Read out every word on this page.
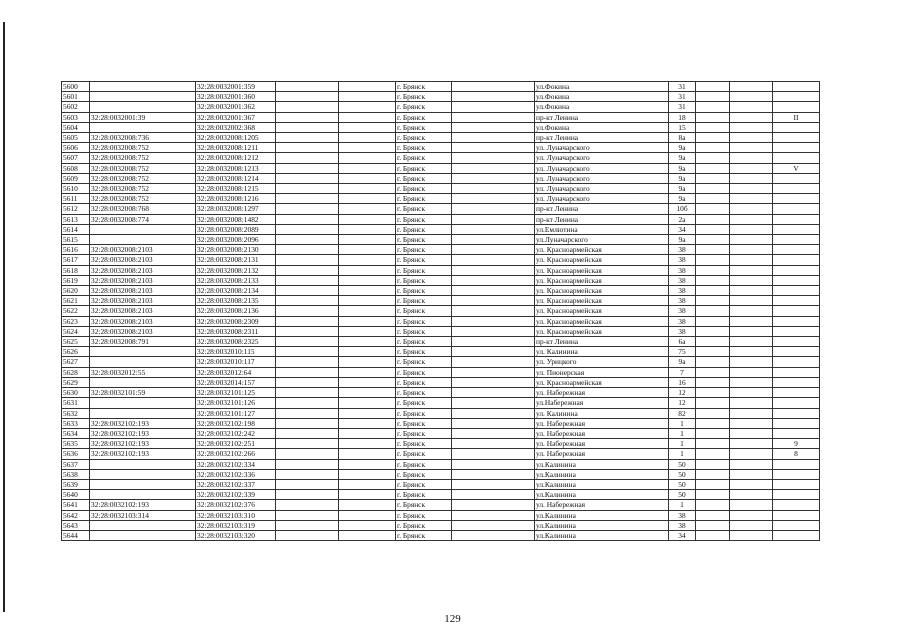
5600		32:28:0032001:359			г. Брянск		ул.Фокина	31			
5601		32:28:0032001:360			г. Брянск		ул.Фокина	31			
5602		32:28:0032001:362			г. Брянск		ул.Фокина	31			
5603	32:28:0032001:39	32:28:0032001:367			г. Брянск		пр-кт Ленина	18			II
5604		32:28:0032002:368			г. Брянск		ул.Фокина	15			
5605	32:28:0032008:736	32:28:0032008:1205			г. Брянск		пр-кт Ленина	8а			
5606	32:28:0032008:752	32:28:0032008:1211			г. Брянск		ул. Луначарского	9а			
5607	32:28:0032008:752	32:28:0032008:1212			г. Брянск		ул. Луначарского	9а			
5608	32:28:0032008:752	32:28:0032008:1213			г. Брянск		ул. Луначарского	9а			V
5609	32:28:0032008:752	32:28:0032008:1214			г. Брянск		ул. Луначарского	9а			
5610	32:28:0032008:752	32:28:0032008:1215			г. Брянск		ул. Луначарского	9а			
5611	32:28:0032008:752	32:28:0032008:1216			г. Брянск		ул. Луначарского	9а			
5612	32:28:0032008:768	32:28:0032008:1297			г. Брянск		пр-кт Ленина	10б			
5613	32:28:0032008:774	32:28:0032008:1482			г. Брянск		пр-кт Ленина	2а			
5614		32:28:0032008:2089			г. Брянск		ул.Емлютина	34			
5615		32:28:0032008:2096			г. Брянск		ул.Луначарского	9а			
5616	32:28:0032008:2103	32:28:0032008:2130			г. Брянск		ул. Красноармейская	38			
5617	32:28:0032008:2103	32:28:0032008:2131			г. Брянск		ул. Красноармейская	38			
5618	32:28:0032008:2103	32:28:0032008:2132			г. Брянск		ул. Красноармейская	38			
5619	32:28:0032008:2103	32:28:0032008:2133			г. Брянск		ул. Красноармейская	38			
5620	32:28:0032008:2103	32:28:0032008:2134			г. Брянск		ул. Красноармейская	38			
5621	32:28:0032008:2103	32:28:0032008:2135			г. Брянск		ул. Красноармейская	38			
5622	32:28:0032008:2103	32:28:0032008:2136			г. Брянск		ул. Красноармейская	38			
5623	32:28:0032008:2103	32:28:0032008:2309			г. Брянск		ул. Красноармейская	38			
5624	32:28:0032008:2103	32:28:0032008:2311			г. Брянск		ул. Красноармейская	38			
5625	32:28:0032008:791	32:28:0032008:2325			г. Брянск		пр-кт Ленина	6а			
5626		32:28:0032010:115			г. Брянск		ул. Калинина	75			
5627		32:28:0032010:117			г. Брянск		ул. Урицкого	9а			
5628	32:28:0032012:55	32:28:0032012:64			г. Брянск		ул. Пионерская	7			
5629		32:28:0032014:157			г. Брянск		ул. Красноармейская	16			
5630	32:28:0032101:59	32:28:0032101:125			г. Брянск		ул. Набережная	12			
5631		32:28:0032101:126			г. Брянск		ул.Набережная	12			
5632		32:28:0032101:127			г. Брянск		ул. Калинина	82			
5633	32:28:0032102:193	32:28:0032102:198			г. Брянск		ул. Набережная	1			
5634	32:28:0032102:193	32:28:0032102:242			г. Брянск		ул. Набережная	1			
5635	32:28:0032102:193	32:28:0032102:251			г. Брянск		ул. Набережная	1			9
5636	32:28:0032102:193	32:28:0032102:266			г. Брянск		ул. Набережная	1			8
5637		32:28:0032102:334			г. Брянск		ул.Калинина	50			
5638		32:28:0032102:336			г. Брянск		ул.Калинина	50			
5639		32:28:0032102:337			г. Брянск		ул.Калинина	50			
5640		32:28:0032102:339			г. Брянск		ул.Калинина	50			
5641	32:28:0032102:193	32:28:0032102:376			г. Брянск		ул. Набережная	1			
5642	32:28:0032103:314	32:28:0032103:310			г. Брянск		ул.Калинина	38			
5643		32:28:0032103:319			г. Брянск		ул.Калинина	38			
5644		32:28:0032103:320			г. Брянск		ул.Калинина	34			
129
